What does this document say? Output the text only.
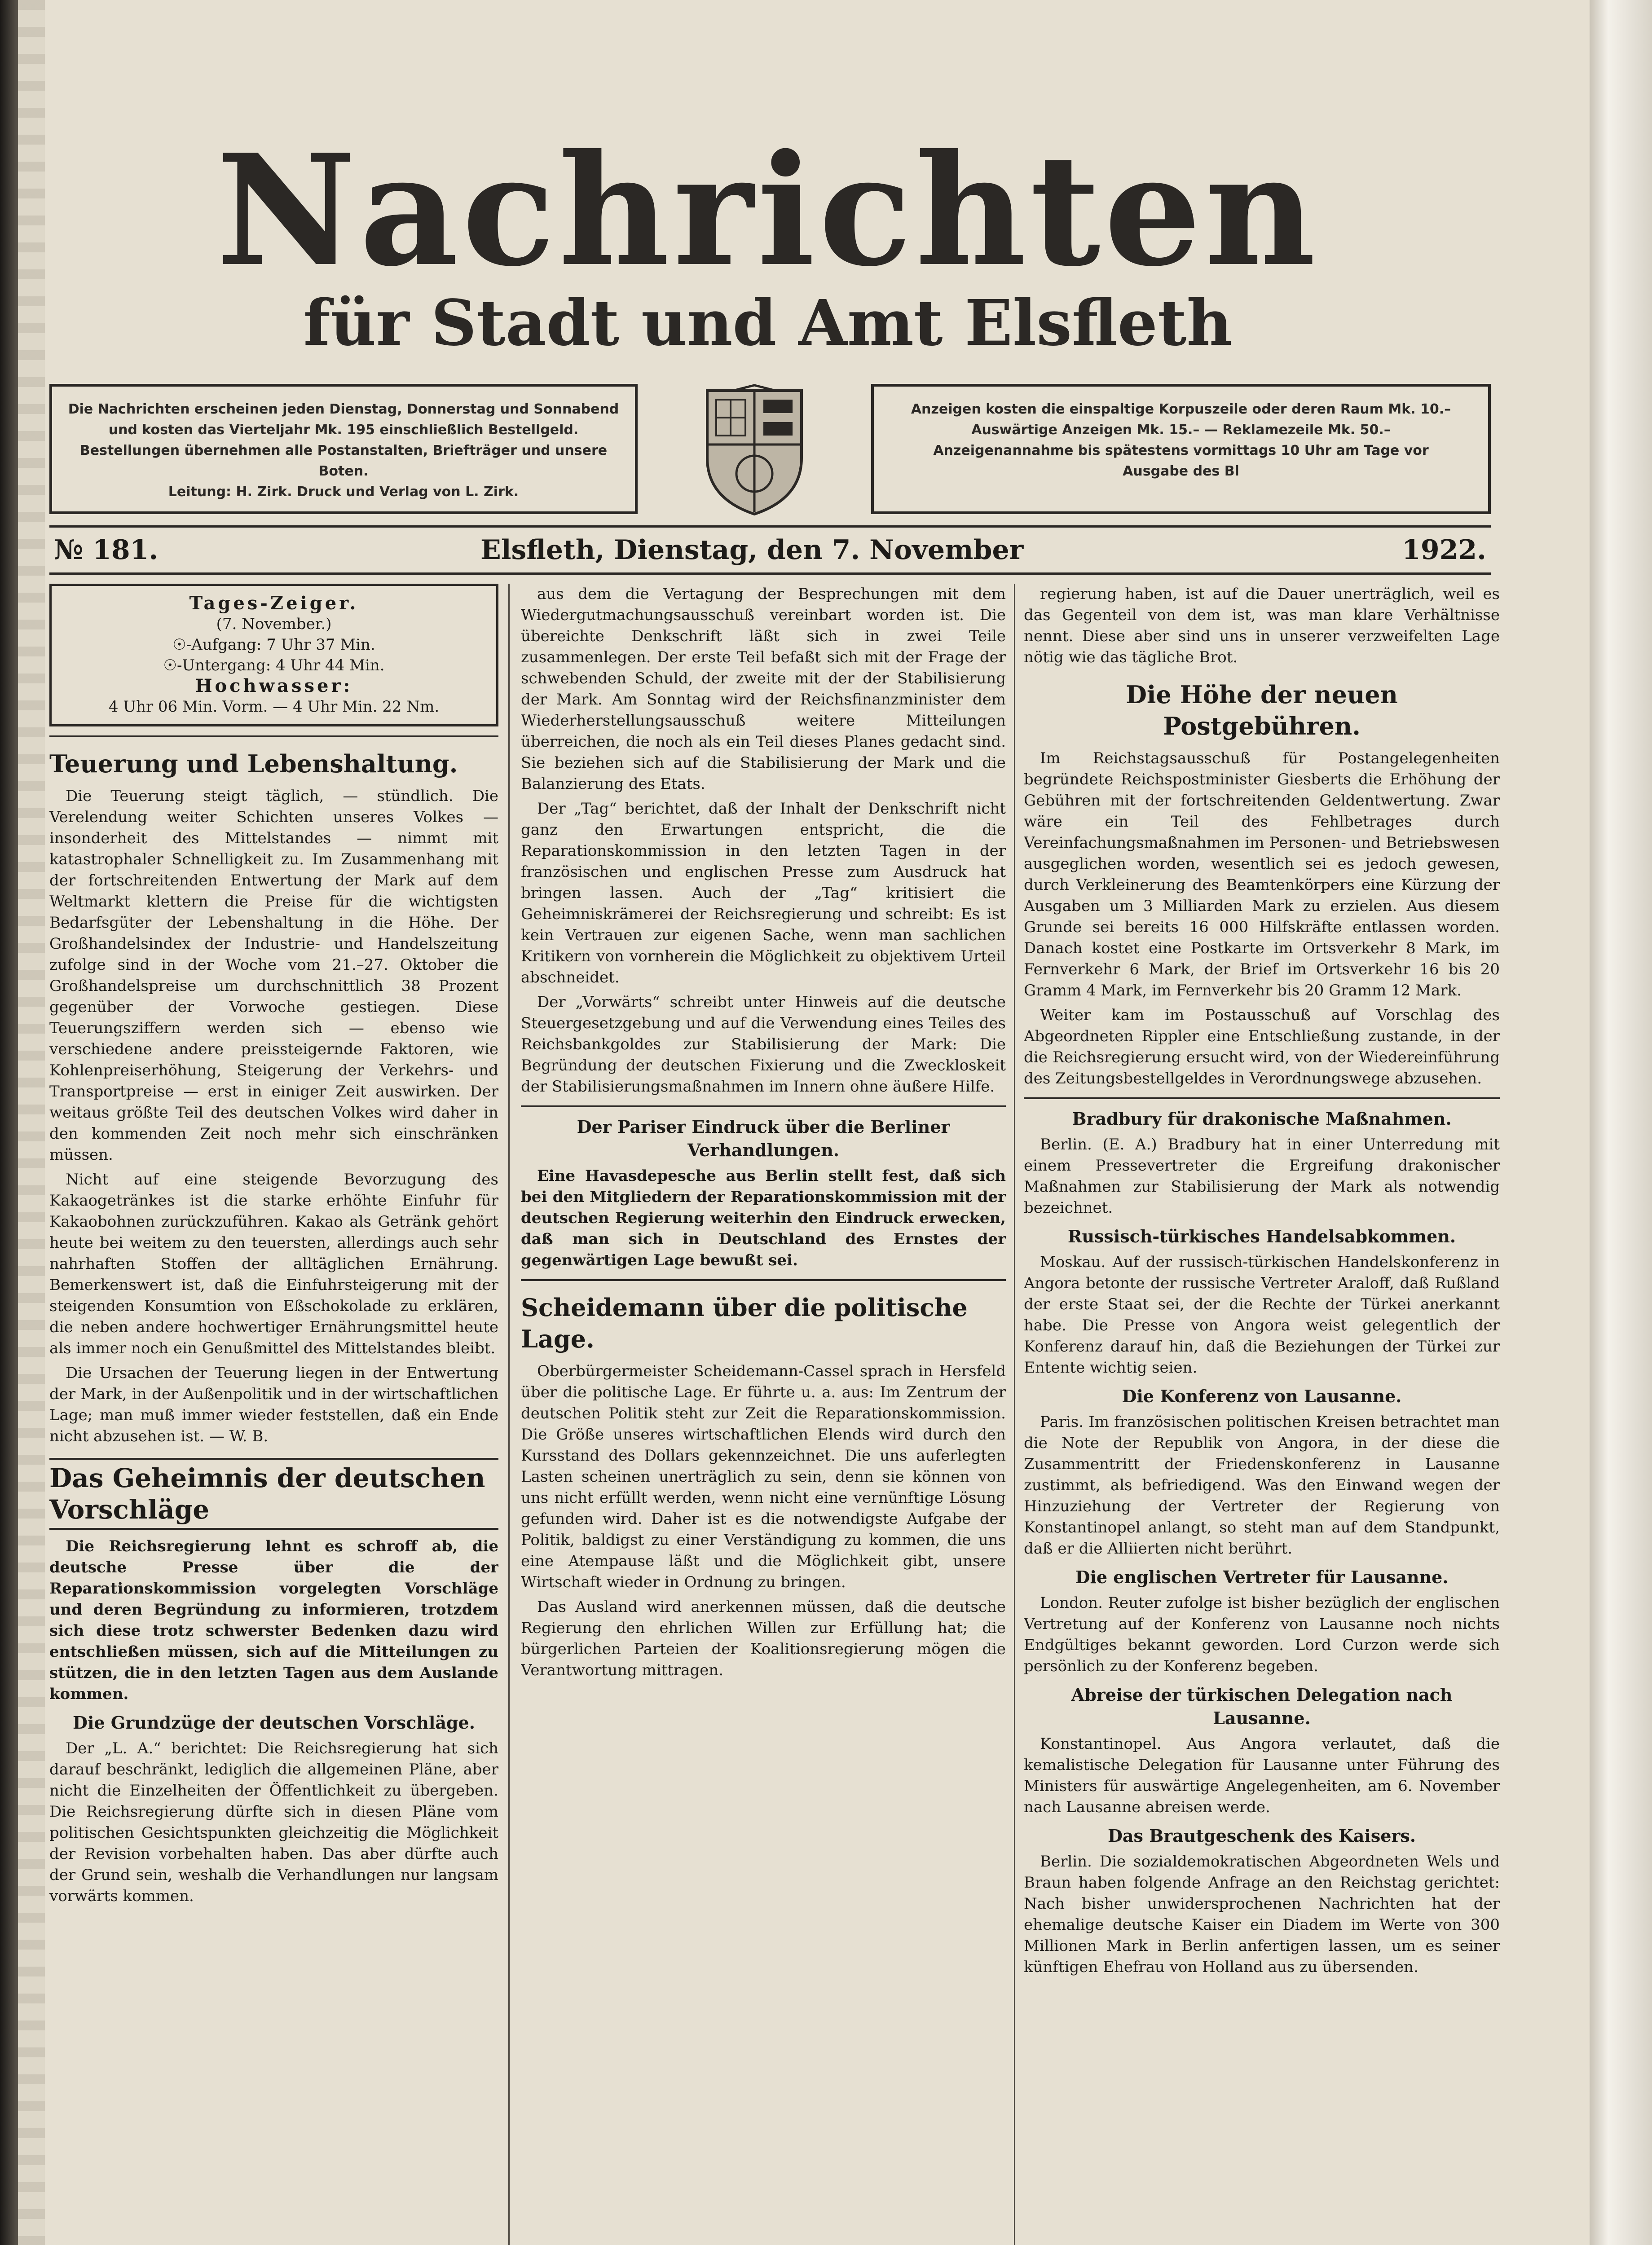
Nachrichten
für Stadt und Amt Elsfleth

Die Nachrichten erscheinen jeden Dienstag, Donnerstag und Sonnabend

und kosten das Vierteljahr Mk. 195 einschließlich Bestellgeld.

Bestellungen übernehmen alle Postanstalten, Briefträger und unsere Boten.

Leitung: H. Zirk. Druck und Verlag von L. Zirk.

Anzeigen kosten die einspaltige Korpuszeile oder deren Raum Mk. 10.–

Auswärtige Anzeigen Mk. 15.– — Reklamezeile Mk. 50.–

Anzeigenannahme bis spätestens vormittags 10 Uhr am Tage vor

Ausgabe des Bl

№ 181.	Elsfleth, Dienstag, den 7. November	1922.
Tages-Zeiger.
(7. November.)
☉-Aufgang: 7 Uhr 37 Min.
☉-Untergang: 4 Uhr 44 Min.
Hochwasser:
4 Uhr 06 Min. Vorm. — 4 Uhr Min. 22 Nm.
Teuerung und Lebenshaltung.

Die Teuerung steigt täglich, — stündlich. Die Verelendung weiter Schichten unseres Volkes — insonderheit des Mittelstandes — nimmt mit katastrophaler Schnelligkeit zu. Im Zusammenhang mit der fortschreitenden Entwertung der Mark auf dem Weltmarkt klettern die Preise für die wichtigsten Bedarfsgüter der Lebenshaltung in die Höhe. Der Großhandelsindex der Industrie- und Handelszeitung zufolge sind in der Woche vom 21.–27. Oktober die Großhandelspreise um durchschnittlich 38 Prozent gegenüber der Vorwoche gestiegen. Diese Teuerungsziffern werden sich — ebenso wie verschiedene andere preissteigernde Faktoren, wie Kohlenpreiserhöhung, Steigerung der Verkehrs- und Transportpreise — erst in einiger Zeit auswirken. Der weitaus größte Teil des deutschen Volkes wird daher in den kommenden Zeit noch mehr sich einschränken müssen.

Nicht auf eine steigende Bevorzugung des Kakaogetränkes ist die starke erhöhte Einfuhr für Kakaobohnen zurückzuführen. Kakao als Getränk gehört heute bei weitem zu den teuersten, allerdings auch sehr nahrhaften Stoffen der alltäglichen Ernährung. Bemerkenswert ist, daß die Einfuhrsteigerung mit der steigenden Konsumtion von Eßschokolade zu erklären, die neben andere hochwertiger Ernährungsmittel heute als immer noch ein Genußmittel des Mittelstandes bleibt.

Die Ursachen der Teuerung liegen in der Entwertung der Mark, in der Außenpolitik und in der wirtschaftlichen Lage; man muß immer wieder feststellen, daß ein Ende nicht abzusehen ist. — W. B.

Das Geheimnis der deutschen Vorschläge

Die Reichsregierung lehnt es schroff ab, die deutsche Presse über die der Reparationskommission vorgelegten Vorschläge und deren Begründung zu informieren, trotzdem sich diese trotz schwerster Bedenken dazu wird entschließen müssen, sich auf die Mitteilungen zu stützen, die in den letzten Tagen aus dem Auslande kommen.

Die Grundzüge der deutschen Vorschläge.

Der „L. A.“ berichtet: Die Reichsregierung hat sich darauf beschränkt, lediglich die allgemeinen Pläne, aber nicht die Einzelheiten der Öffentlichkeit zu übergeben. Die Reichsregierung dürfte sich in diesen Pläne vom politischen Gesichtspunkten gleichzeitig die Möglichkeit der Revision vorbehalten haben. Das aber dürfte auch der Grund sein, weshalb die Verhandlungen nur langsam vorwärts kommen.

aus dem die Vertagung der Besprechungen mit dem Wiedergutmachungsausschuß vereinbart worden ist. Die übereichte Denkschrift läßt sich in zwei Teile zusammenlegen. Der erste Teil befaßt sich mit der Frage der schwebenden Schuld, der zweite mit der der Stabilisierung der Mark. Am Sonntag wird der Reichsfinanzminister dem Wiederherstellungsausschuß weitere Mitteilungen überreichen, die noch als ein Teil dieses Planes gedacht sind. Sie beziehen sich auf die Stabilisierung der Mark und die Balanzierung des Etats.

Der „Tag“ berichtet, daß der Inhalt der Denkschrift nicht ganz den Erwartungen entspricht, die die Reparationskommission in den letzten Tagen in der französischen und englischen Presse zum Ausdruck hat bringen lassen. Auch der „Tag“ kritisiert die Geheimniskrämerei der Reichsregierung und schreibt: Es ist kein Vertrauen zur eigenen Sache, wenn man sachlichen Kritikern von vornherein die Möglichkeit zu objektivem Urteil abschneidet.

Der „Vorwärts“ schreibt unter Hinweis auf die deutsche Steuergesetzgebung und auf die Verwendung eines Teiles des Reichsbankgoldes zur Stabilisierung der Mark: Die Begründung der deutschen Fixierung und die Zweckloskeit der Stabilisierungsmaßnahmen im Innern ohne äußere Hilfe.

Der Pariser Eindruck über die Berliner Verhandlungen.

Eine Havasdepesche aus Berlin stellt fest, daß sich bei den Mitgliedern der Reparationskommission mit der deutschen Regierung weiterhin den Eindruck erwecken, daß man sich in Deutschland des Ernstes der gegenwärtigen Lage bewußt sei.

Scheidemann über die politische Lage.

Oberbürgermeister Scheidemann-Cassel sprach in Hersfeld über die politische Lage. Er führte u. a. aus: Im Zentrum der deutschen Politik steht zur Zeit die Reparationskommission. Die Größe unseres wirtschaftlichen Elends wird durch den Kursstand des Dollars gekennzeichnet. Die uns auferlegten Lasten scheinen unerträglich zu sein, denn sie können von uns nicht erfüllt werden, wenn nicht eine vernünftige Lösung gefunden wird. Daher ist es die notwendigste Aufgabe der Politik, baldigst zu einer Verständigung zu kommen, die uns eine Atempause läßt und die Möglichkeit gibt, unsere Wirtschaft wieder in Ordnung zu bringen.

Das Ausland wird anerkennen müssen, daß die deutsche Regierung den ehrlichen Willen zur Erfüllung hat; die bürgerlichen Parteien der Koalitionsregierung mögen die Verantwortung mittragen.

regierung haben, ist auf die Dauer unerträglich, weil es das Gegenteil von dem ist, was man klare Verhältnisse nennt. Diese aber sind uns in unserer verzweifelten Lage nötig wie das tägliche Brot.

Die Höhe der neuen Postgebühren.

Im Reichstagsausschuß für Postangelegenheiten begründete Reichspostminister Giesberts die Erhöhung der Gebühren mit der fortschreitenden Geldentwertung. Zwar wäre ein Teil des Fehlbetrages durch Vereinfachungsmaßnahmen im Personen- und Betriebswesen ausgeglichen worden, wesentlich sei es jedoch gewesen, durch Verkleinerung des Beamtenkörpers eine Kürzung der Ausgaben um 3 Milliarden Mark zu erzielen. Aus diesem Grunde sei bereits 16 000 Hilfskräfte entlassen worden. Danach kostet eine Postkarte im Ortsverkehr 8 Mark, im Fernverkehr 6 Mark, der Brief im Ortsverkehr 16 bis 20 Gramm 4 Mark, im Fernverkehr bis 20 Gramm 12 Mark.

Weiter kam im Postausschuß auf Vorschlag des Abgeordneten Rippler eine Entschließung zustande, in der die Reichsregierung ersucht wird, von der Wiedereinführung des Zeitungsbestellgeldes in Verordnungswege abzusehen.

Bradbury für drakonische Maßnahmen.

Berlin. (E. A.) Bradbury hat in einer Unterredung mit einem Pressevertreter die Ergreifung drakonischer Maßnahmen zur Stabilisierung der Mark als notwendig bezeichnet.

Russisch-türkisches Handelsabkommen.

Moskau. Auf der russisch-türkischen Handelskonferenz in Angora betonte der russische Vertreter Araloff, daß Rußland der erste Staat sei, der die Rechte der Türkei anerkannt habe. Die Presse von Angora weist gelegentlich der Konferenz darauf hin, daß die Beziehungen der Türkei zur Entente wichtig seien.

Die Konferenz von Lausanne.

Paris. Im französischen politischen Kreisen betrachtet man die Note der Republik von Angora, in der diese die Zusammentritt der Friedenskonferenz in Lausanne zustimmt, als befriedigend. Was den Einwand wegen der Hinzuziehung der Vertreter der Regierung von Konstantinopel anlangt, so steht man auf dem Standpunkt, daß er die Alliierten nicht berührt.

Die englischen Vertreter für Lausanne.

London. Reuter zufolge ist bisher bezüglich der englischen Vertretung auf der Konferenz von Lausanne noch nichts Endgültiges bekannt geworden. Lord Curzon werde sich persönlich zu der Konferenz begeben.

Abreise der türkischen Delegation nach Lausanne.

Konstantinopel. Aus Angora verlautet, daß die kemalistische Delegation für Lausanne unter Führung des Ministers für auswärtige Angelegenheiten, am 6. November nach Lausanne abreisen werde.

Das Brautgeschenk des Kaisers.

Berlin. Die sozialdemokratischen Abgeordneten Wels und Braun haben folgende Anfrage an den Reichstag gerichtet: Nach bisher unwidersprochenen Nachrichten hat der ehemalige deutsche Kaiser ein Diadem im Werte von 300 Millionen Mark in Berlin anfertigen lassen, um es seiner künftigen Ehefrau von Holland aus zu übersenden.
